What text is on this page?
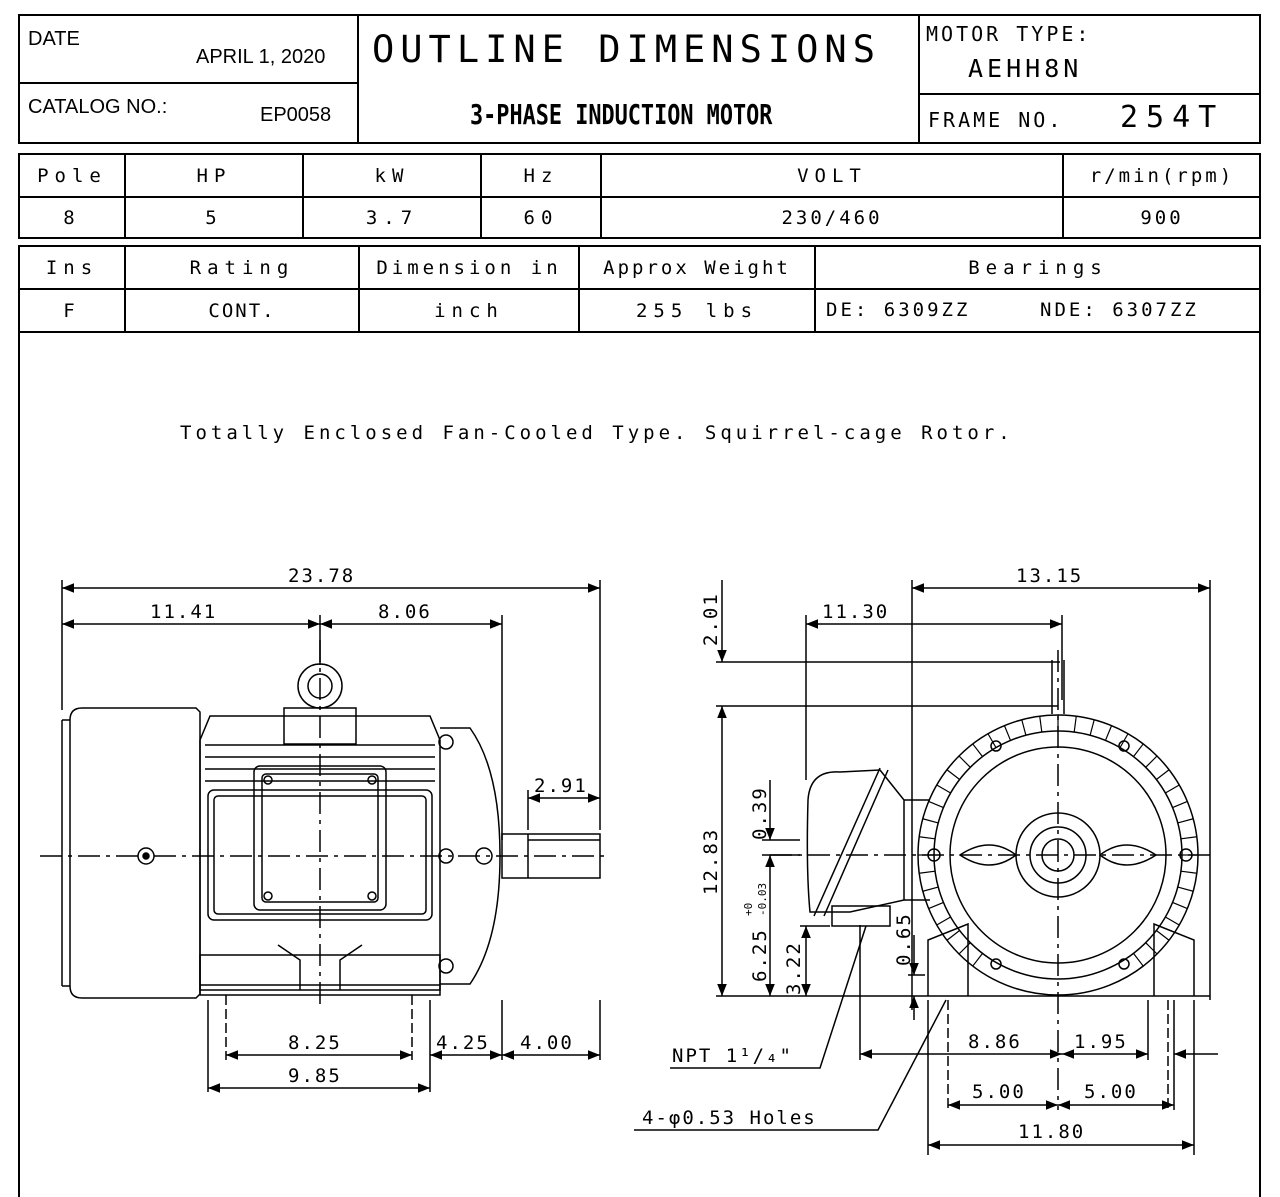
DATE
APRIL 1, 2020
CATALOG NO.:	EP0058
OUTLINE DIMENSIONS
3-PHASE INDUCTION MOTOR
MOTOR TYPE:
AEHH8N
FRAME NO. 254T
Pole	HP	kW	Hz	VOLT	r/min(rpm)
8	5	3.7	60	230/460	900
Ins	Rating	Dimension in	Approx Weight	Bearings
F	CONT.	inch	255 lbs	DE: 6309ZZ	NDE: 6307ZZ
Totally Enclosed Fan-Cooled Type. Squirrel-cage Rotor.
23.78
11.41	8.06
2.91
8.25
9.85
4.25 4.00
13.15
11.30
2.01
12.83
0.39
6.25
+0 -0.03
3.22
0.65
NPT 1¹/₄"
4-φ0.53 Holes
8.86	1.95
5.00	5.00
11.80
